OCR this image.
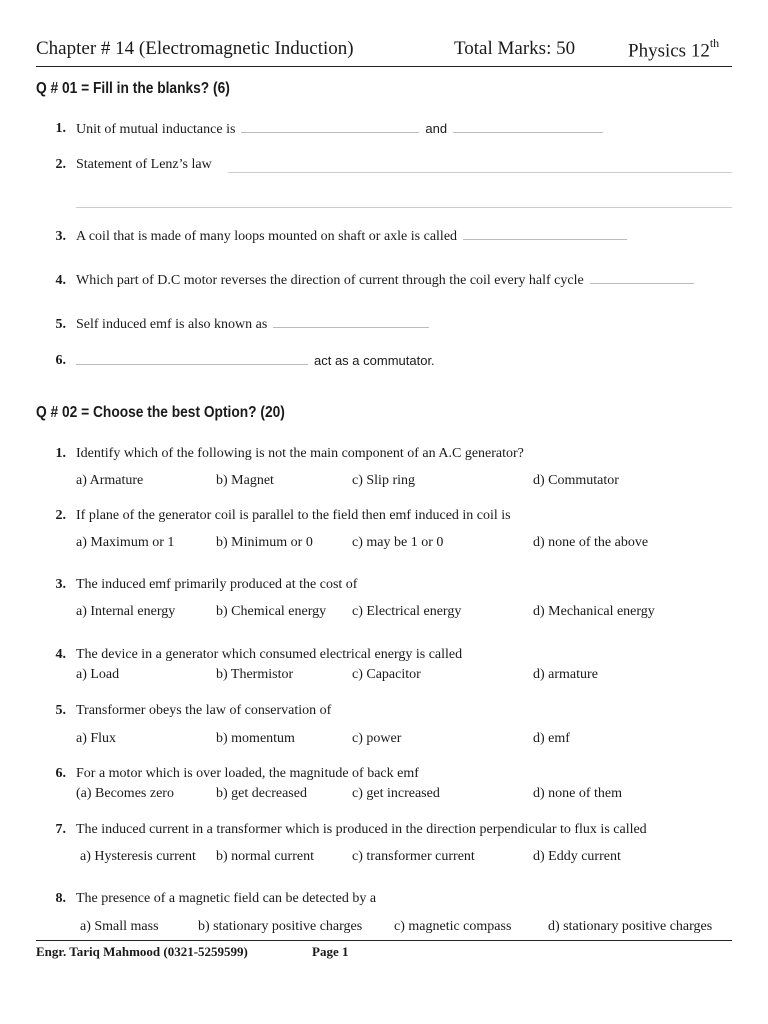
Chapter # 14 (Electromagnetic Induction)	Total Marks: 50	Physics 12th
Q # 01 = Fill in the blanks? (6)
1. Unit of mutual inductance is	and
2. Statement of Lenz’s law
3. A coil that is made of many loops mounted on shaft or axle is called
4. Which part of D.C motor reverses the direction of current through the coil every half cycle
5. Self induced emf is also known as
6.	act as a commutator.
Q # 02 = Choose the best Option? (20)
1. Identify which of the following is not the main component of an A.C generator?
a) Armature	b) Magnet	c) Slip ring	d) Commutator
2. If plane of the generator coil is parallel to the field then emf induced in coil is
a) Maximum or 1	b) Minimum or 0	c) may be 1 or 0	d) none of the above
3. The induced emf primarily produced at the cost of
a) Internal energy	b) Chemical energy c) Electrical energy	d) Mechanical energy
4. The device in a generator which consumed electrical energy is called
a) Load	b) Thermistor	c) Capacitor	d) armature
5. Transformer obeys the law of conservation of
a) Flux	b) momentum	c) power	d) emf
6. For a motor which is over loaded, the magnitude of back emf
(a) Becomes zero	b) get decreased	c) get increased	d) none of them
7. The induced current in a transformer which is produced in the direction perpendicular to flux is called
a) Hysteresis current b) normal current	c) transformer current	d) Eddy current
8. The presence of a magnetic field can be detected by a
a) Small mass	b) stationary positive charges c) magnetic compass	d) stationary positive charges
Engr. Tariq Mahmood (0321-5259599)	Page 1
